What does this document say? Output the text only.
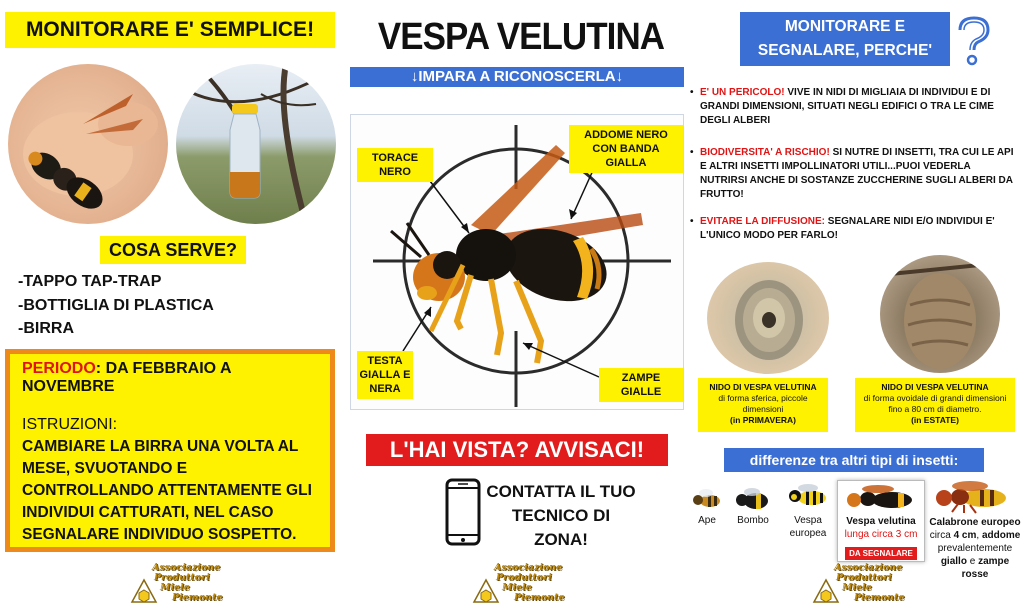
MONITORARE E' SEMPLICE!
COSA SERVE?
-TAPPO TAP-TRAP
-BOTTIGLIA DI PLASTICA
-BIRRA
PERIODO: DA FEBBRAIO A NOVEMBRE
ISTRUZIONI:
CAMBIARE LA BIRRA UNA VOLTA AL MESE, SVUOTANDO E CONTROLLANDO ATTENTAMENTE GLI INDIVIDUI CATTURATI, NEL CASO SEGNALARE INDIVIDUO SOSPETTO.
Associazione
Produttori
Miele
Piemonte
VESPA VELUTINA
↓IMPARA A RICONOSCERLA↓
TORACE NERO
ADDOME NERO CON BANDA GIALLA
TESTA GIALLA E NERA
ZAMPE GIALLE
L'HAI VISTA? AVVISACI!
CONTATTA IL TUO TECNICO DI ZONA!
Associazione
Produttori
Miele
Piemonte
MONITORARE E SEGNALARE, PERCHE'
• E' UN PERICOLO! VIVE IN NIDI DI MIGLIAIA DI INDIVIDUI E DI GRANDI DIMENSIONI, SITUATI NEGLI EDIFICI O TRA LE CIME DEGLI ALBERI
• BIODIVERSITA' A RISCHIO! SI NUTRE DI INSETTI, TRA CUI LE API E ALTRI INSETTI IMPOLLINATORI UTILI...PUOI VEDERLA NUTRIRSI ANCHE DI SOSTANZE ZUCCHERINE SUGLI ALBERI DA FRUTTO!
• EVITARE LA DIFFUSIONE: SEGNALARE NIDI E/O INDIVIDUI E' L'UNICO MODO PER FARLO!
NIDO DI VESPA VELUTINA
di forma sferica, piccole dimensioni
(in PRIMAVERA)
NIDO DI VESPA VELUTINA
di forma ovoidale di grandi dimensioni fino a 80 cm di diametro.
(in ESTATE)
differenze tra altri tipi di insetti:
Ape	Bombo	Vespa europea
Vespa velutina
lunga circa 3 cm
DA SEGNALARE
Calabrone europeo
circa 4 cm, addome prevalentemente giallo e zampe rosse
Associazione
Produttori
Miele
Piemonte
